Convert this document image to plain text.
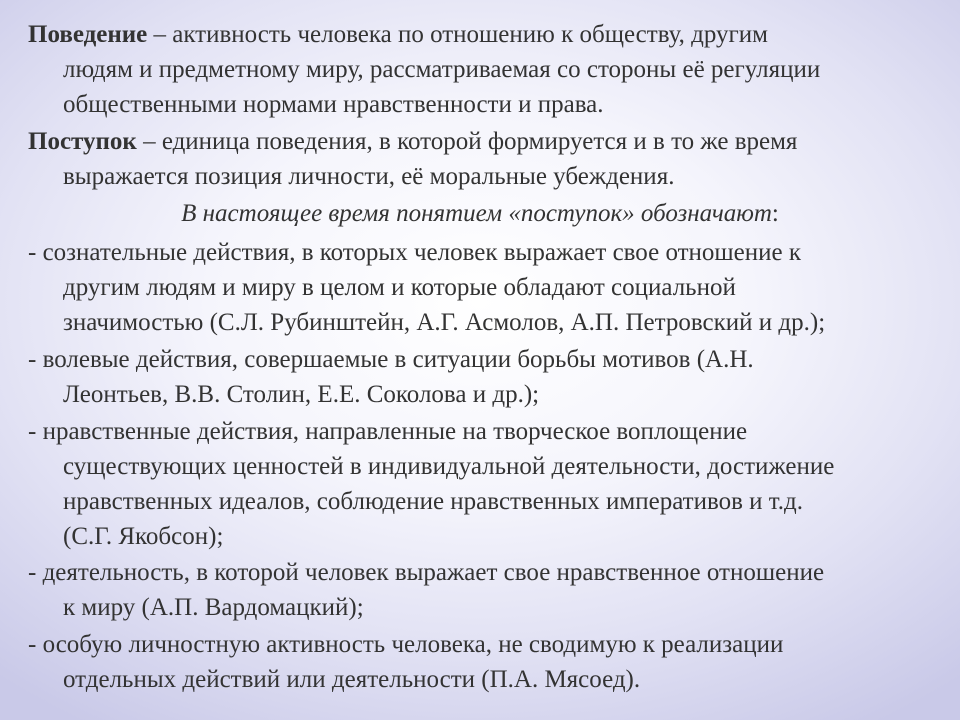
Поведение – активность человека по отношению к обществу, другим
людям и предметному миру, рассматриваемая со стороны её регуляции
общественными нормами нравственности и права.

Поступок – единица поведения, в которой формируется и в то же время
выражается позиция личности, её моральные убеждения.

В настоящее время понятием «поступок» обозначают:

- сознательные действия, в которых человек выражает свое отношение к
другим людям и миру в целом и которые обладают социальной
значимостью (С.Л. Рубинштейн, А.Г. Асмолов, А.П. Петровский и др.);

- волевые действия, совершаемые в ситуации борьбы мотивов (А.Н.
Леонтьев, В.В. Столин, Е.Е. Соколова и др.);

- нравственные действия, направленные на творческое воплощение
существующих ценностей в индивидуальной деятельности, достижение
нравственных идеалов, соблюдение нравственных императивов и т.д.
(С.Г. Якобсон);

- деятельность, в которой человек выражает свое нравственное отношение
к миру (А.П. Вардомацкий);

- особую личностную активность человека, не сводимую к реализации
отдельных действий или деятельности (П.А. Мясоед).
